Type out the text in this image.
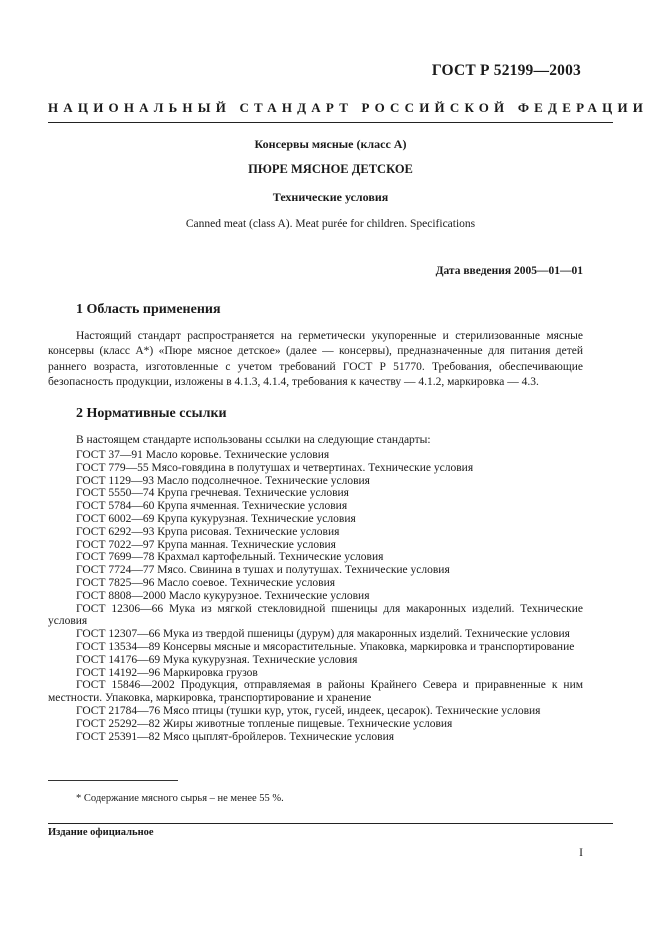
ГОСТ Р 52199—2003
НАЦИОНАЛЬНЫЙ СТАНДАРТ РОССИЙСКОЙ ФЕДЕРАЦИИ
Консервы мясные (класс А)
ПЮРЕ МЯСНОЕ ДЕТСКОЕ
Технические условия
Canned meat (class A). Meat purée for children. Specifications
Дата введения 2005—01—01
1 Область применения
Настоящий стандарт распространяется на герметически укупоренные и стерилизованные мясные консервы (класс А*) «Пюре мясное детское» (далее — консервы), предназначенные для питания детей раннего возраста, изготовленные с учетом требований ГОСТ Р 51770. Требования, обеспечивающие безопасность продукции, изложены в 4.1.3, 4.1.4, требования к качеству — 4.1.2, маркировка — 4.3.
2 Нормативные ссылки
В настоящем стандарте использованы ссылки на следующие стандарты:
ГОСТ 37—91 Масло коровье. Технические условия
ГОСТ 779—55 Мясо-говядина в полутушах и четвертинах. Технические условия
ГОСТ 1129—93 Масло подсолнечное. Технические условия
ГОСТ 5550—74 Крупа гречневая. Технические условия
ГОСТ 5784—60 Крупа ячменная. Технические условия
ГОСТ 6002—69 Крупа кукурузная. Технические условия
ГОСТ 6292—93 Крупа рисовая. Технические условия
ГОСТ 7022—97 Крупа манная. Технические условия
ГОСТ 7699—78 Крахмал картофельный. Технические условия
ГОСТ 7724—77 Мясо. Свинина в тушах и полутушах. Технические условия
ГОСТ 7825—96 Масло соевое. Технические условия
ГОСТ 8808—2000 Масло кукурузное. Технические условия
ГОСТ 12306—66 Мука из мягкой стекловидной пшеницы для макаронных изделий. Технические условия
ГОСТ 12307—66 Мука из твердой пшеницы (дурум) для макаронных изделий. Технические условия
ГОСТ 13534—89 Консервы мясные и мясорастительные. Упаковка, маркировка и транспортирование
ГОСТ 14176—69 Мука кукурузная. Технические условия
ГОСТ 14192—96 Маркировка грузов
ГОСТ 15846—2002 Продукция, отправляемая в районы Крайнего Севера и приравненные к ним местности. Упаковка, маркировка, транспортирование и хранение
ГОСТ 21784—76 Мясо птицы (тушки кур, уток, гусей, индеек, цесарок). Технические условия
ГОСТ 25292—82 Жиры животные топленые пищевые. Технические условия
ГОСТ 25391—82 Мясо цыплят-бройлеров. Технические условия
* Содержание мясного сырья – не менее 55 %.
Издание официальное
I
